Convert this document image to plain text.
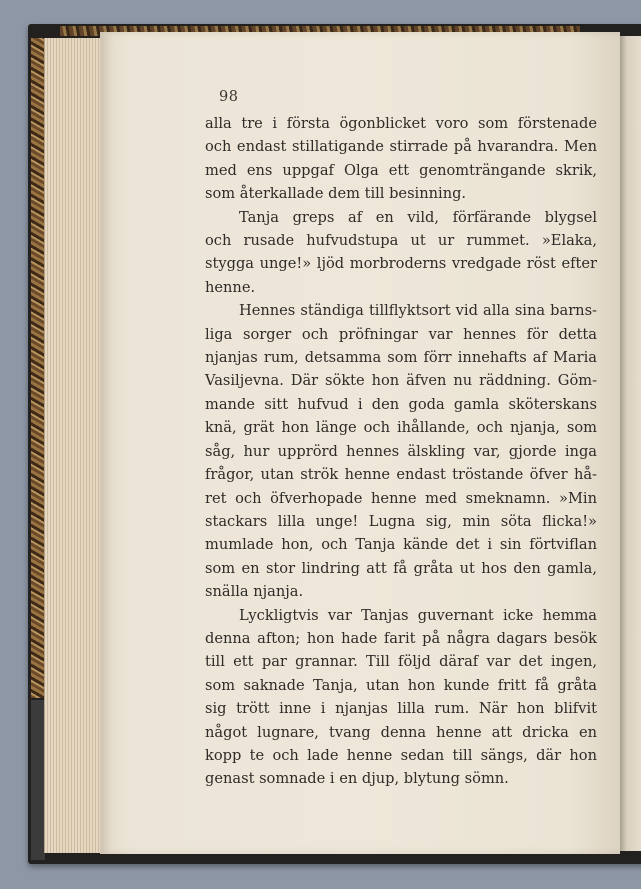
98

alla tre i första ögonblicket voro som förstenade
och endast stillatigande stirrade på hvarandra. Men
med ens uppgaf Olga ett genomträngande skrik,
som återkallade dem till besinning.

Tanja greps af en vild, förfärande blygsel
och rusade hufvudstupa ut ur rummet. »Elaka,
stygga unge!» ljöd morbroderns vredgade röst efter
henne.

Hennes ständiga tillflyktsort vid alla sina barns-
liga sorger och pröfningar var hennes för detta
njanjas rum, detsamma som förr innehafts af Maria
Vasiljevna. Där sökte hon äfven nu räddning. Göm-
mande sitt hufvud i den goda gamla sköterskans
knä, grät hon länge och ihållande, och njanja, som
såg, hur upprörd hennes älskling var, gjorde inga
frågor, utan strök henne endast tröstande öfver hå-
ret och öfverhopade henne med smeknamn. »Min
stackars lilla unge! Lugna sig, min söta flicka!»
mumlade hon, och Tanja kände det i sin förtviflan
som en stor lindring att få gråta ut hos den gamla,
snälla njanja.

Lyckligtvis var Tanjas guvernant icke hemma
denna afton; hon hade farit på några dagars besök
till ett par grannar. Till följd däraf var det ingen,
som saknade Tanja, utan hon kunde fritt få gråta
sig trött inne i njanjas lilla rum. När hon blifvit
något lugnare, tvang denna henne att dricka en
kopp te och lade henne sedan till sängs, där hon
genast somnade i en djup, blytung sömn.
